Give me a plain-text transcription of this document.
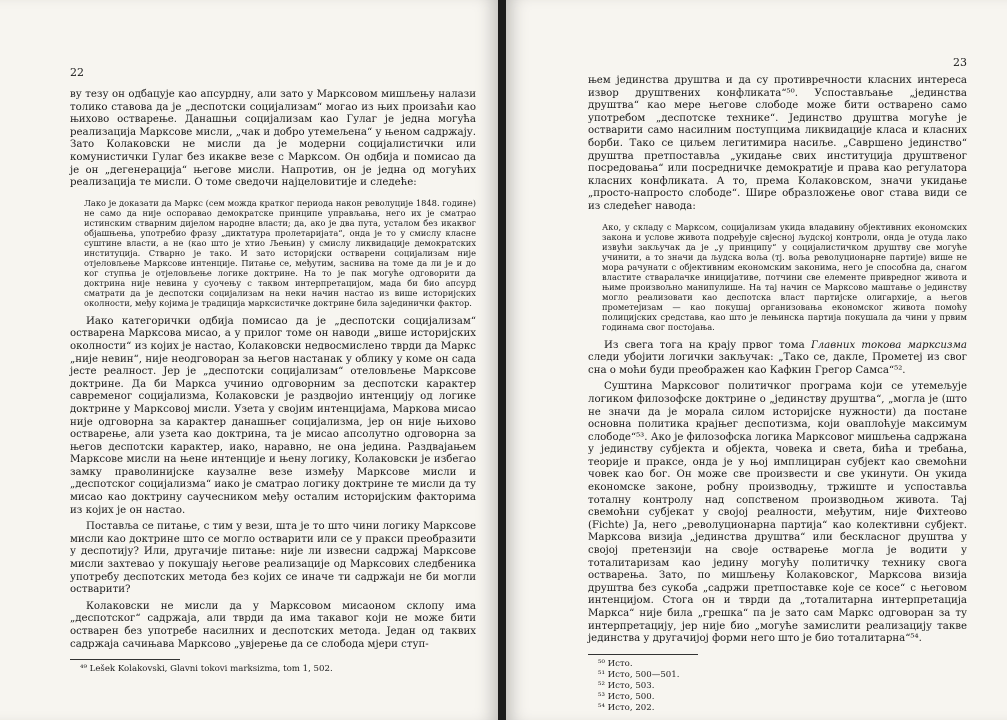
22

ву тезу он одбацује као апсурдну, али зато у Марксовом мишљењу налази толико ставова да је „деспотски социјализам“ могао из њих произаћи као њихово остварење. Данашњи социјализам као Гулаг је једна могућа реализација Марксове мисли, „чак и добро утемељена“ у њеном садржају. Зато Колаковски не мисли да је модерни социјалистички или комунистички Гулаг без икакве везе с Марксом. Он одбија и помисао да је он „дегенерација“ његове мисли. Напротив, он је једна од могућих реализација те мисли. О томе сведочи најцеловитије и следеће:

Лако је доказати да Маркс (сем можда кратког периода након револуције 1848. године) не само да није оспоравао демократске принципе управљања, него их је сматрао истинским стварним дијелом народне власти; да, ако је два пута, усталом без икаквог објашњења, употребио фразу „диктатура пролетаријата“, онда је то у смислу класне суштине власти, а не (као што је хтио Љењин) у смислу ликвидације демократских институција. Стварно је тако. И зато историјски остварени социјализам није отјеловљење Марксове интенције. Питање се, међутим, заснива на томе да ли је и до ког ступња је отјеловљење логике доктрине. На то је пак могуће одговорити да доктрина није невина у суочењу с таквом интерпретацијом, мада би био апсурд сматрати да је деспотски социјализам на неки начин настао из више историјских околности, међу којима је традиција марксистичке доктрине била зајединички фактор.

Иако категорички одбија помисао да је „деспотски социјализам“ остварена Марксова мисао, а у прилог томе он наводи „више историјских околности“ из којих је настао, Колаковски недвосмислено тврди да Маркс „није невин“, није неодговоран за његов настанак у облику у коме он сада јесте реалност. Јер је „деспотски социјализам“ отеловљење Марксове доктрине. Да би Маркса учинио одговорним за деспотски карактер савременог социјализма, Колаковски је раздвојио интенцију од логике доктрине у Марксовој мисли. Узета у својим интенцијама, Маркова мисао није одговорна за карактер данашњег социјализма, јер он није њихово остварење, али узета као доктрина, та је мисао апсолутно одговорна за његов деспотски карактер, иако, наравно, не она једина. Раздвајањем Марксове мисли на њене интенције и њену логику, Колаковски је избегао замку праволинијске каузалне везе између Марксове мисли и „деспотског социјализма“ иако је сматрао логику доктрине те мисли да ту мисао као доктрину саучесником међу осталим историјским факторима из којих је он настао.

Поставља се питање, с тим у вези, шта је то што чини логику Марксове мисли као доктрине што се могло остварити или се у пракси преобразити у деспотију? Или, другачије питање: није ли извесни садржај Марксове мисли захтевао у покушају његове реализације од Марксових следбеника употребу деспотских метода без којих се иначе ти садржаји не би могли остварити?

Колаковски не мисли да у Марксовом мисаоном склопу има „деспотског“ садржаја, али тврди да има такавог који не може бити остварен без употребе насилних и деспотских метода. Један од таквих садржаја сачињава Марксово „увјерење да се слобода мјери ступ-

⁴⁹ Lešek Kolakovski, Glavni tokovi marksizma, tom 1, 502.
23

њем јединства друштва и да су противречности класних интереса извор друштвених конфликата“⁵⁰. Успостављање „јединства друштва“ као мере његове слободе може бити остварено само употребом „деспотске технике“. Јединство друштва могуће је остварити само насилним поступцима ликвидације класа и класних борби. Тако се циљем легитимира насиље. „Савршено јединство“ друштва претпоставља „укидање свих институција друштвеног посредовања“ или посредничке демократије и права као регулатора класних конфликата. А то, према Колаковском, значи укидање „просто-напросто слободе“. Шире образложење овог става види се из следећег навода:

Ако, у складу с Марксом, социјализам укида владавину објективних економских закона и услове живота подређује свјесној људској контроли, онда је отуда лако извући закључак да је „у принципу“ у социјалистичком друштву све могуће учинити, а то значи да људска воља (тј. воља револуционарне партије) више не мора рачунати с објективним економским законима, него је способна да, снагом властите стваралачке иницијативе, потчини све елементе привредног живота и њиме произвољно манипулише. На тај начин се Марксово маштање о јединству могло реализовати као деспотска власт партијске олигархије, а његов прометејизам — као покушај организовања економског живота помоћу полицијских средстава, као што је лењинска партија покушала да чини у првим годинама свог постојања.

Из свега тога на крају првог тома Главних токова марксизма следи убојити логички закључак: „Тако се, дакле, Прометеј из свог сна о моћи буди преображен као Кафкин Грегор Самса“⁵².

Суштина Марксовог политичког програма који се утемељује логиком филозофске доктрине о „јединству друштва“, „могла је (што не значи да је морала силом историјске нужности) да постане основна политика крајњег деспотизма, који оваплоћује максимум слободе“⁵³. Ако је филозофска логика Марксовог мишљења садржана у јединству субјекта и објекта, човека и света, бића и требања, теорије и праксе, онда је у њој имплициран субјект као свемоћни човек као бог. Он може све произвести и све укинути. Он укида економске законе, робну производњу, тржиште и успоставља тоталну контролу над сопственом производњом живота. Тај свемоћни субјекат у својој реалности, међутим, није Фихтеово (Fichte) Ја, него „револуционарна партија“ као колективни субјект. Марксова визија „јединства друштва“ или бескласног друштва у својој претензији на своје остварење могла је водити у тоталитаризам као једину могућу политичку технику свога остварења. Зато, по мишљењу Колаковског, Марксова визија друштва без сукоба „садржи претпоставке које се косе“ с његовом интенцијом. Стога он и тврди да „тоталитарна интерпретација Маркса“ није била „грешка“ па је зато сам Маркс одговоран за ту интерпретацију, јер није био „могуће замислити реализацију такве јединства у другачијој форми него што је био тоталитарна“⁵⁴.

⁵⁰ Исто.
⁵¹ Исто, 500—501.
⁵² Исто, 503.
⁵³ Исто, 500.
⁵⁴ Исто, 202.
